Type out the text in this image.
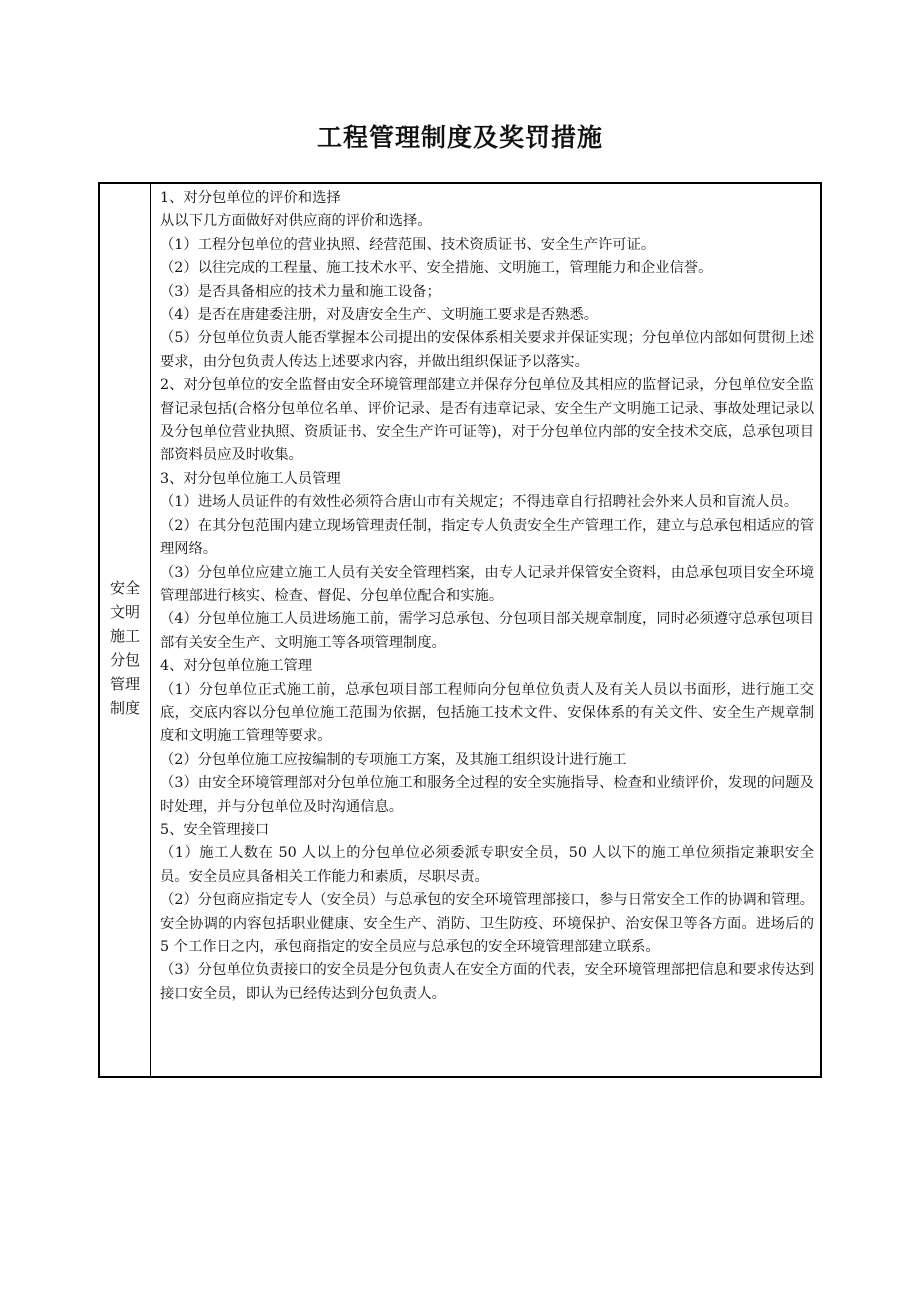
工程管理制度及奖罚措施
安全文明施工分包管理制度

1、对分包单位的评价和选择

从以下几方面做好对供应商的评价和选择。

（1）工程分包单位的营业执照、经营范围、技术资质证书、安全生产许可证。

（2）以往完成的工程量、施工技术水平、安全措施、文明施工，管理能力和企业信誉。

（3）是否具备相应的技术力量和施工设备；

（4）是否在唐建委注册，对及唐安全生产、文明施工要求是否熟悉。

（5）分包单位负责人能否掌握本公司提出的安保体系相关要求并保证实现；分包单位内部如何贯彻上述要求，由分包负责人传达上述要求内容，并做出组织保证予以落实。

2、对分包单位的安全监督由安全环境管理部建立并保存分包单位及其相应的监督记录，分包单位安全监督记录包括(合格分包单位名单、评价记录、是否有违章记录、安全生产文明施工记录、事故处理记录以及分包单位营业执照、资质证书、安全生产许可证等)，对于分包单位内部的安全技术交底，总承包项目部资料员应及时收集。

3、对分包单位施工人员管理

（1）进场人员证件的有效性必须符合唐山市有关规定；不得违章自行招聘社会外来人员和盲流人员。

（2）在其分包范围内建立现场管理责任制，指定专人负责安全生产管理工作，建立与总承包相适应的管理网络。

（3）分包单位应建立施工人员有关安全管理档案，由专人记录并保管安全资料，由总承包项目安全环境管理部进行核实、检查、督促、分包单位配合和实施。

（4）分包单位施工人员进场施工前，需学习总承包、分包项目部关规章制度，同时必须遵守总承包项目部有关安全生产、文明施工等各项管理制度。

4、对分包单位施工管理

（1）分包单位正式施工前，总承包项目部工程师向分包单位负责人及有关人员以书面形，进行施工交底，交底内容以分包单位施工范围为依据，包括施工技术文件、安保体系的有关文件、安全生产规章制度和文明施工管理等要求。

（2）分包单位施工应按编制的专项施工方案，及其施工组织设计进行施工

（3）由安全环境管理部对分包单位施工和服务全过程的安全实施指导、检查和业绩评价，发现的问题及时处理，并与分包单位及时沟通信息。

5、安全管理接口

（1）施工人数在 50 人以上的分包单位必须委派专职安全员，50 人以下的施工单位须指定兼职安全员。安全员应具备相关工作能力和素质，尽职尽责。

（2）分包商应指定专人（安全员）与总承包的安全环境管理部接口，参与日常安全工作的协调和管理。安全协调的内容包括职业健康、安全生产、消防、卫生防疫、环境保护、治安保卫等各方面。进场后的 5 个工作日之内，承包商指定的安全员应与总承包的安全环境管理部建立联系。

（3）分包单位负责接口的安全员是分包负责人在安全方面的代表，安全环境管理部把信息和要求传达到接口安全员，即认为已经传达到分包负责人。
